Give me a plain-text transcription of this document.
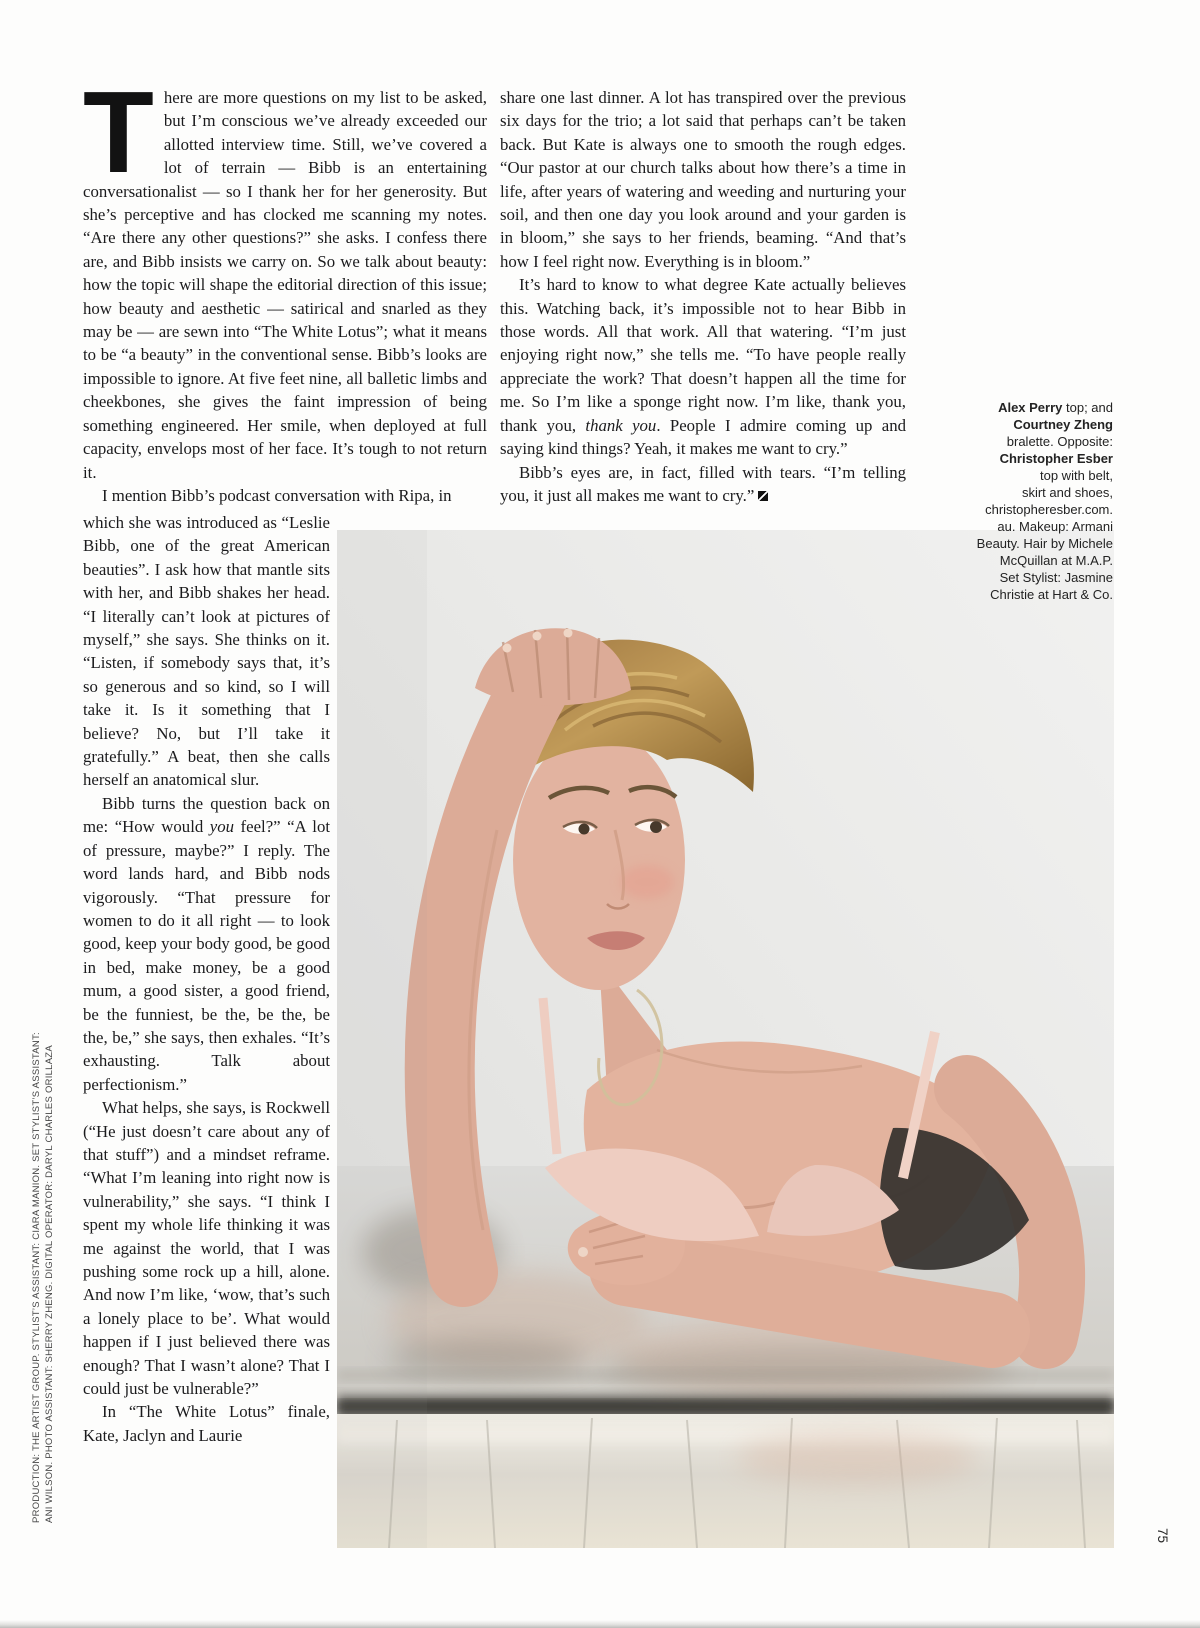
There are more questions on my list to be asked, but I’m conscious we’ve already exceeded our allotted interview time. Still, we’ve covered a lot of terrain — Bibb is an entertaining conversationalist — so I thank her for her generosity. But she’s perceptive and has clocked me scanning my notes. “Are there any other questions?” she asks. I confess there are, and Bibb insists we carry on. So we talk about beauty: how the topic will shape the editorial direction of this issue; how beauty and aesthetic — satirical and snarled as they may be — are sewn into “The White Lotus”; what it means to be “a beauty” in the conventional sense. Bibb’s looks are impossible to ignore. At five feet nine, all balletic limbs and cheekbones, she gives the faint impression of being something engineered. Her smile, when deployed at full capacity, envelops most of her face. It’s tough to not return it.

I mention Bibb’s podcast conversation with Ripa, in

which she was introduced as “Leslie Bibb, one of the great American beauties”. I ask how that mantle sits with her, and Bibb shakes her head. “I literally can’t look at pictures of myself,” she says. She thinks on it. “Listen, if somebody says that, it’s so generous and so kind, so I will take it. Is it something that I believe? No, but I’ll take it gratefully.” A beat, then she calls herself an anatomical slur.

Bibb turns the question back on me: “How would you feel?” “A lot of pressure, maybe?” I reply. The word lands hard, and Bibb nods vigorously. “That pressure for women to do it all right — to look good, keep your body good, be good in bed, make money, be a good mum, a good sister, a good friend, be the funniest, be the, be the, be the, be,” she says, then exhales. “It’s exhausting. Talk about perfectionism.”

What helps, she says, is Rockwell (“He just doesn’t care about any of that stuff”) and a mindset reframe. “What I’m leaning into right now is vulnerability,” she says. “I think I spent my whole life thinking it was me against the world, that I was pushing some rock up a hill, alone. And now I’m like, ‘wow, that’s such a lonely place to be’. What would happen if I just believed there was enough? That I wasn’t alone? That I could just be vulnerable?”

In “The White Lotus” finale, Kate, Jaclyn and Laurie

share one last dinner. A lot has transpired over the previous six days for the trio; a lot said that perhaps can’t be taken back. But Kate is always one to smooth the rough edges. “Our pastor at our church talks about how there’s a time in life, after years of watering and weeding and nurturing your soil, and then one day you look around and your garden is in bloom,” she says to her friends, beaming. “And that’s how I feel right now. Everything is in bloom.”

It’s hard to know to what degree Kate actually believes this. Watching back, it’s impossible not to hear Bibb in those words. All that work. All that watering. “I’m just enjoying right now,” she tells me. “To have people really appreciate the work? That doesn’t happen all the time for me. So I’m like a sponge right now. I’m like, thank you, thank you, thank you. People I admire coming up and saying kind things? Yeah, it makes me want to cry.”

Bibb’s eyes are, in fact, filled with tears. “I’m telling you, it just all makes me want to cry.”

Alex Perry top; and
Courtney Zheng
bralette. Opposite:
Christopher Esber
top with belt,
skirt and shoes,
christopheresber.com.
au. Makeup: Armani
Beauty. Hair by Michele
McQuillan at M.A.P.
Set Stylist: Jasmine
Christie at Hart & Co.
PRODUCTION: THE ARTIST GROUP. STYLIST’S ASSISTANT: CIARA MANION. SET STYLIST’S ASSISTANT: ANI WILSON. PHOTO ASSISTANT: SHERRY ZHENG. DIGITAL OPERATOR: DARYL CHARLES ORILLAZA
75
